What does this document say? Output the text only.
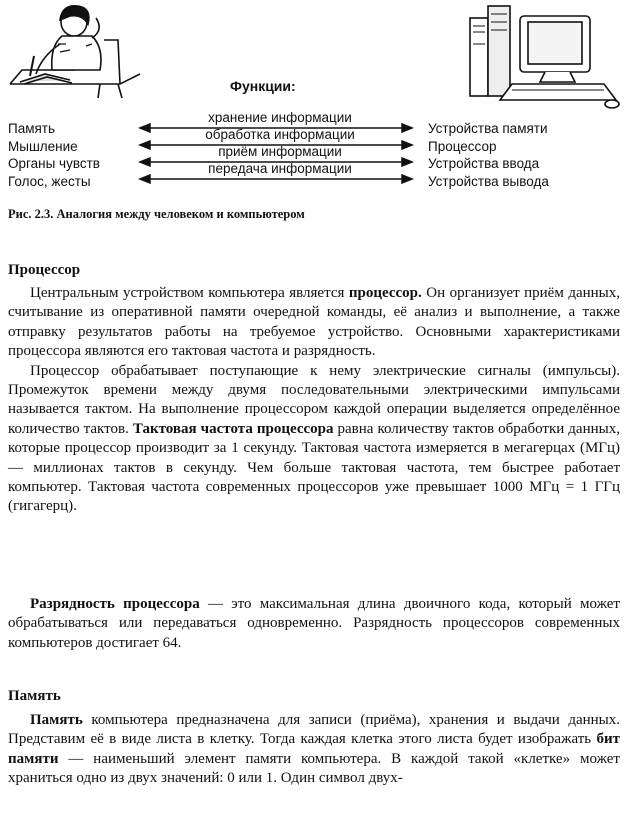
Функции:
Память
Мышление
Органы чувств
Голос, жесты
хранение информации
обработка информации
приём информации
передача информации
Устройства памяти
Процессор
Устройства ввода
Устройства вывода
Рис. 2.3. Аналогия между человеком и компьютером
Процессор

Центральным устройством компьютера является процессор. Он организует приём данных, считывание из оперативной памяти очередной команды, её анализ и выполнение, а также отправку результатов работы на требуемое устройство. Основными характеристиками процессора являются его тактовая частота и разрядность.

Процессор обрабатывает поступающие к нему электрические сигналы (импульсы). Промежуток времени между двумя последовательными электрическими импульсами называется тактом. На выполнение процессором каждой операции выделяется определённое количество тактов. Тактовая частота процессора равна количеству тактов обработки данных, которые процессор производит за 1 секунду. Тактовая частота измеряется в мегагерцах (МГц) — миллионах тактов в секунду. Чем больше тактовая частота, тем быстрее работает компьютер. Тактовая частота современных процессоров уже превышает 1000 МГц = 1 ГГц (гигагерц).

Разрядность процессора — это максимальная длина двоичного кода, который может обрабатываться или передаваться одновременно. Разрядность процессоров современных компьютеров достигает 64.

Память

Память компьютера предназначена для записи (приёма), хранения и выдачи данных. Представим её в виде листа в клетку. Тогда каждая клетка этого листа будет изображать бит памяти — наименьший элемент памяти компьютера. В каждой такой «клетке» может храниться одно из двух значений: 0 или 1. Один символ двух-
